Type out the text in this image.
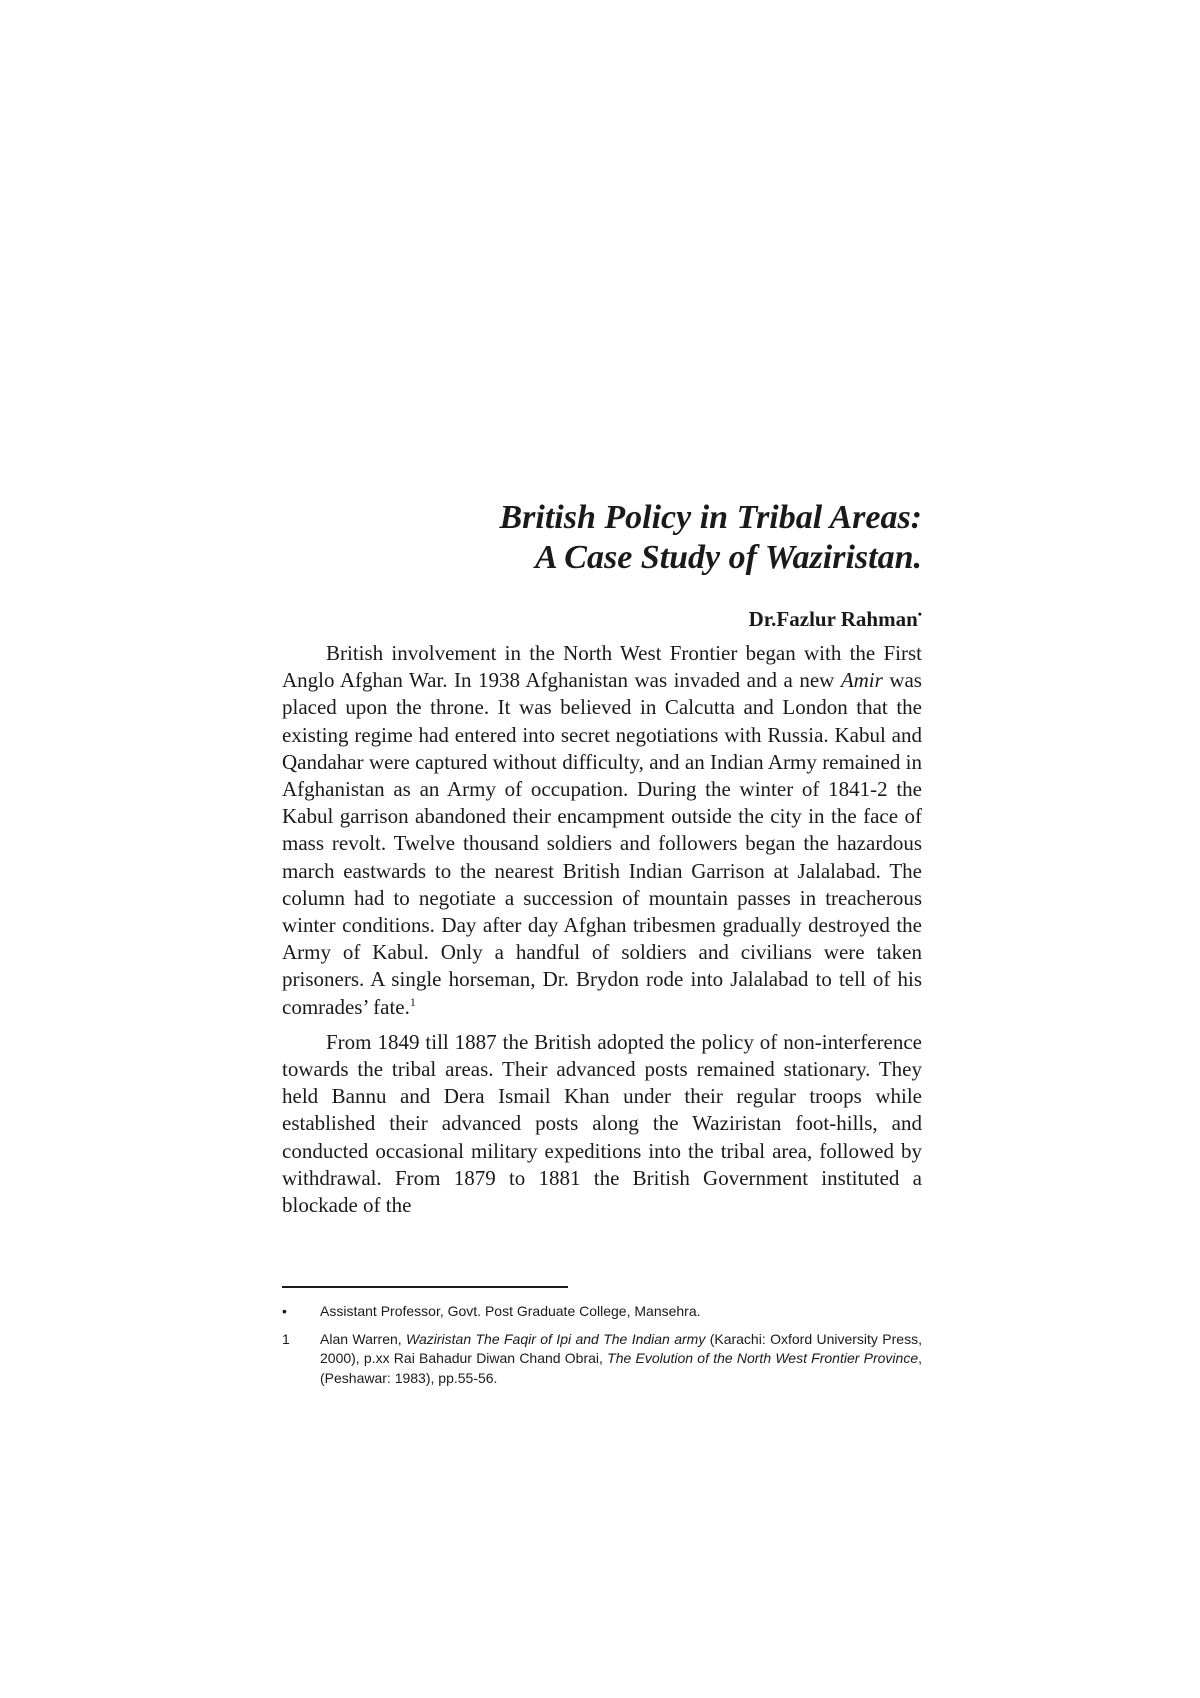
British Policy in Tribal Areas:
A Case Study of Waziristan.
Dr.Fazlur Rahman•

British involvement in the North West Frontier began with the First Anglo Afghan War. In 1938 Afghanistan was invaded and a new Amir was placed upon the throne. It was believed in Calcutta and London that the existing regime had entered into secret negotiations with Russia. Kabul and Qandahar were captured without difficulty, and an Indian Army remained in Afghanistan as an Army of occupation. During the winter of 1841-2 the Kabul garrison abandoned their encampment outside the city in the face of mass revolt. Twelve thousand soldiers and followers began the hazardous march eastwards to the nearest British Indian Garrison at Jalalabad. The column had to negotiate a succession of mountain passes in treacherous winter conditions. Day after day Afghan tribesmen gradually destroyed the Army of Kabul. Only a handful of soldiers and civilians were taken prisoners. A single horseman, Dr. Brydon rode into Jalalabad to tell of his comrades’ fate.$^1$

From 1849 till 1887 the British adopted the policy of non-interference towards the tribal areas. Their advanced posts remained stationary. They held Bannu and Dera Ismail Khan under their regular troops while established their advanced posts along the Waziristan foot-hills, and conducted occasional military expeditions into the tribal area, followed by withdrawal. From 1879 to 1881 the British Government instituted a blockade of the

•	Assistant Professor, Govt. Post Graduate College, Mansehra.
1	Alan Warren, Waziristan The Faqir of Ipi and The Indian army (Karachi: Oxford University Press, 2000), p.xx Rai Bahadur Diwan Chand Obrai, The Evolution of the North West Frontier Province, (Peshawar: 1983), pp.55-56.
